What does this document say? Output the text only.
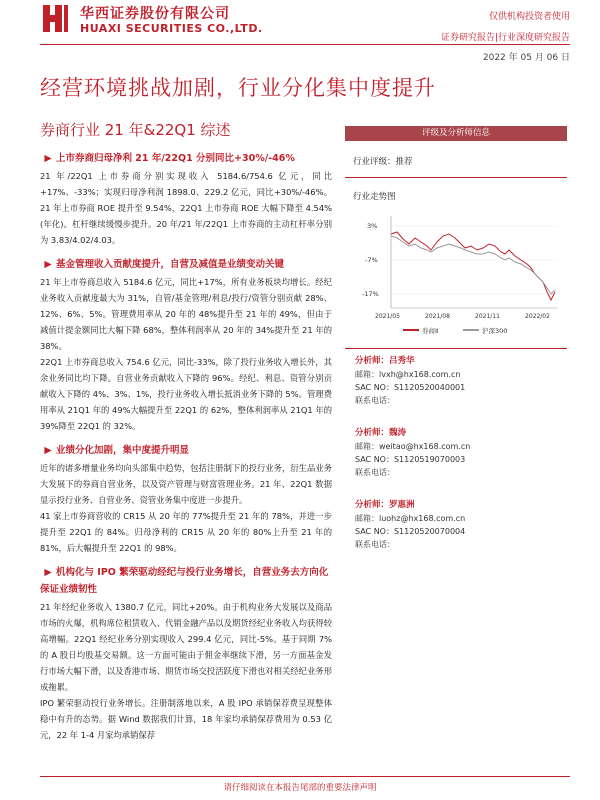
华西证券股份有限公司
HUAXI SECURITIES CO.,LTD.
仅供机构投资者使用
证券研究报告|行业深度研究报告
2022 年 05 月 06 日
经营环境挑战加剧，行业分化集中度提升
券商行业 21 年&22Q1 综述
▶ 上市券商归母净利 21 年/22Q1 分别同比+30%/-46%
21 年/22Q1 上市券商分别实现收入 5184.6/754.6 亿元，同比+17%、-33%；实现归母净利润 1898.0、229.2 亿元，同比+30%/-46%。21 年上市券商 ROE 提升至 9.54%，22Q1 上市券商 ROE 大幅下降至 4.54%(年化)。杠杆继续缓慢步提升。20 年/21 年/22Q1 上市券商的主动杠杆率分别为 3.83/4.02/4.03。
▶ 基金管理收入贡献度提升，自营及减值是业绩变动关键
21 年上市券商总收入 5184.6 亿元，同比+17%，所有业务板块均增长。经纪业务收入贡献度最大为 31%，自管/基金管理/利息/投行/资管分别贡献 28%、12%、6%、5%。管理费用率从 20 年的 48%提升至 21 年的 49%，但由于减值计提金额同比大幅下降 68%，整体利润率从 20 年的 34%提升至 21 年的 38%。
22Q1 上市券商总收入 754.6 亿元，同比-33%，除了投行业务收入增长外，其余业务同比均下降。自营业务贡献收入下降的 96%。经纪、利息、资管分别贡献收入下降的 4%、3%、1%，投行业务收入增长抵消业务下降的 5%。管理费用率从 21Q1 年的 49%大幅提升至 22Q1 的 62%，整体利润率从 21Q1 年的 39%降至 22Q1 的 32%。
▶ 业绩分化加剧，集中度提升明显
近年的诸多增量业务均向头部集中趋势，包括注册制下的投行业务，衍生品业务大发展下的券商自营业务，以及资产管理与财富管理业务。21 年、22Q1 数据显示投行业务、自营业务、资管业务集中度进一步提升。
41 家上市券商营收的 CR15 从 20 年的 77%提升至 21 年的 78%，并进一步提升至 22Q1 的 84%。归母净利的 CR15 从 20 年的 80%上升至 21 年的 81%，后大幅提升至 22Q1 的 98%。
▶ 机构化与 IPO 繁荣驱动经纪与投行业务增长，自营业务去方向化保证业绩韧性
21 年经纪业务收入 1380.7 亿元，同比+20%。由于机构业务大发展以及商品市场的火爆，机构席位租赁收入、代销金融产品以及期货经纪业务收入均获得较高增幅。22Q1 经纪业务分别实现收入 299.4 亿元，同比-5%。基于同期 7%的 A 股日均股基交易额。这一方面可能由于佣金率继续下滑，另一方面基金发行市场大幅下滑，以及香港市场、期货市场交投活跃度下滑也对相关经纪业务形成拖累。
IPO 繁荣驱动投行业务增长。注册制落地以来，A 股 IPO 承销保荐费呈现整体稳中有升的态势。据 Wind 数据我们计算，18 年家均承销保荐费用为 0.53 亿元，22 年 1-4 月家均承销保荐
评级及分析师信息
行业评级：推荐
行业走势图
3%
-7%
-17%
2021/05	2021/08	2021/11	2022/02
券商Ⅱ	沪深300
分析师：吕秀华
邮箱：lvxh@hx168.com.cn
SAC NO：S1120520040001
联系电话：
分析师：魏涛
邮箱：weitao@hx168.com.cn
SAC NO：S1120519070003
联系电话：
分析师：罗惠洲
邮箱：luohz@hx168.com.cn
SAC NO：S1120520070004
联系电话：
请仔细阅读在本报告尾部的重要法律声明
